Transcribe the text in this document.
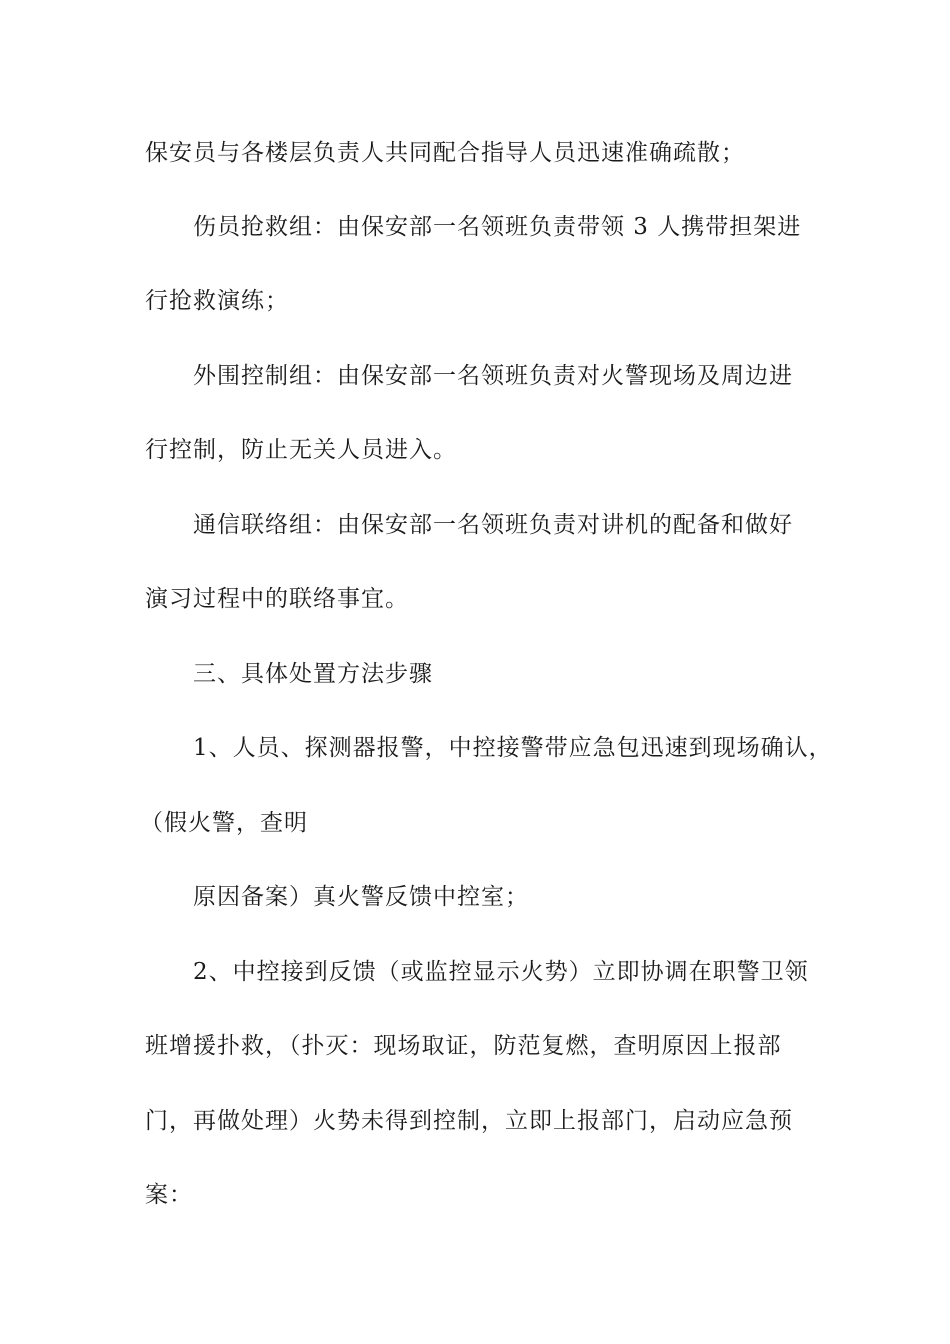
保安员与各楼层负责人共同配合指导人员迅速准确疏散；
伤员抢救组：由保安部一名领班负责带领 3 人携带担架进
行抢救演练；
外围控制组：由保安部一名领班负责对火警现场及周边进
行控制，防止无关人员进入。
通信联络组：由保安部一名领班负责对讲机的配备和做好
演习过程中的联络事宜。
三、具体处置方法步骤
1、人员、探测器报警，中控接警带应急包迅速到现场确认，
（假火警，查明
原因备案）真火警反馈中控室；
2、中控接到反馈（或监控显示火势）立即协调在职警卫领
班增援扑救，（扑灭：现场取证，防范复燃，查明原因上报部
门，再做处理）火势未得到控制，立即上报部门，启动应急预
案：
